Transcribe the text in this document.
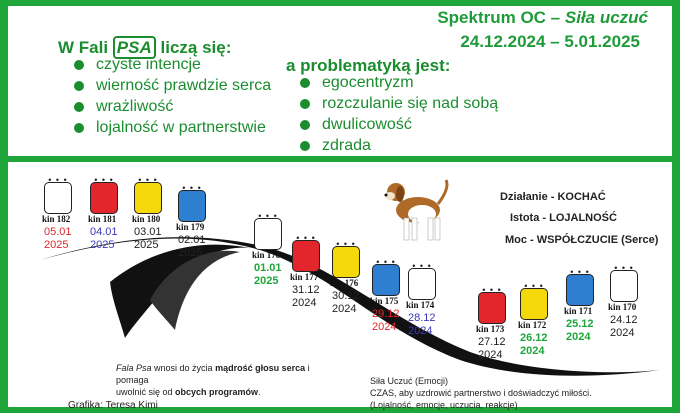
Spektrum OC – Siła uczuć
24.12.2024 – 5.01.2025
W Fali PSA liczą się:
czyste intencje
wierność prawdzie serca
wrażliwość
lojalność w partnerstwie
a problematyką jest:
egocentryzm
rozczulanie się nad sobą
dwulicowość
zdrada
Działanie - KOCHAĆ
Istota - LOJALNOŚĆ
Moc - WSPÓŁCZUCIE (Serce)
• • •
kin 182
05.01
2025
• • •
kin 181
04.01
2025
• • •
kin 180
03.01
2025
• • •
kin 179
02.01
2025
• • •
kin 178
01.01
2025
• • •
kin 177
31.12
2024
• • •
kin 176
30.12
2024
• • •
kin 175
29.12
2024
• • •
kin 174
28.12
2024
• • •
kin 173
27.12
2024
• • •
kin 172
26.12
2024
• • •
kin 171
25.12
2024
• • •
kin 170
24.12
2024
Fala Psa wnosi do życia mądrość głosu serca i pomaga
uwolnić się od obcych programów.
Grafika: Teresa Kimi
Siła Uczuć (Emocji)
CZAS, aby uzdrowić partnerstwo i doświadczyć miłości.
(Lojalność, emocje, uczucia, reakcje)
